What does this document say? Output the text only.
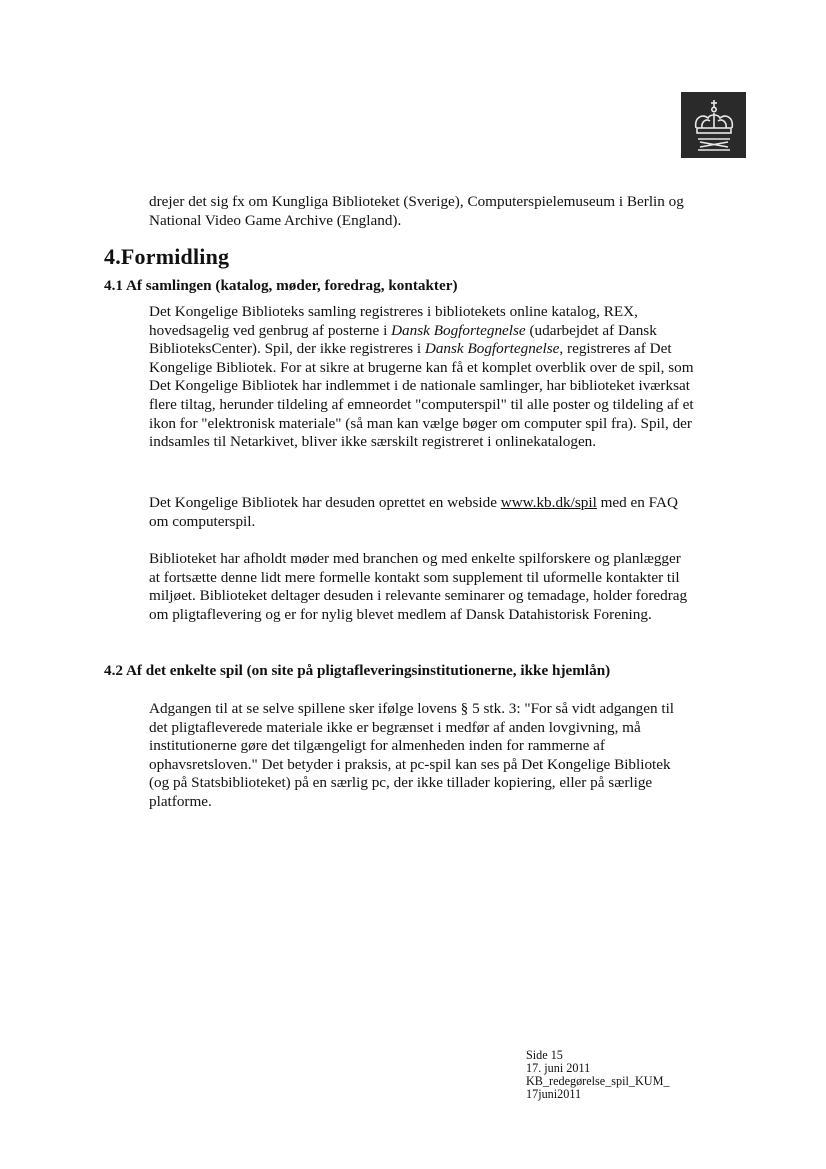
drejer det sig fx om Kungliga Biblioteket (Sverige), Computerspielemuseum i Berlin og National Video Game Archive (England).

4.Formidling
4.1 Af samlingen (katalog, møder, foredrag, kontakter)

Det Kongelige Biblioteks samling registreres i bibliotekets online katalog, REX, hovedsagelig ved genbrug af posterne i Dansk Bogfortegnelse (udarbejdet af Dansk BiblioteksCenter). Spil, der ikke registreres i Dansk Bogfortegnelse, registreres af Det Kongelige Bibliotek. For at sikre at brugerne kan få et komplet overblik over de spil, som Det Kongelige Bibliotek har indlemmet i de nationale samlinger, har biblioteket iværksat flere tiltag, herunder tildeling af emneordet "computerspil" til alle poster og tildeling af et ikon for "elektronisk materiale" (så man kan vælge bøger om computer spil fra). Spil, der indsamles til Netarkivet, bliver ikke særskilt registreret i onlinekatalogen.

Det Kongelige Bibliotek har desuden oprettet en webside www.kb.dk/spil med en FAQ om computerspil.

Biblioteket har afholdt møder med branchen og med enkelte spilforskere og planlægger at fortsætte denne lidt mere formelle kontakt som supplement til uformelle kontakter til miljøet. Biblioteket deltager desuden i relevante seminarer og temadage, holder foredrag om pligtaflevering og er for nylig blevet medlem af Dansk Datahistorisk Forening.

4.2 Af det enkelte spil (on site på pligtafleveringsinstitutionerne, ikke hjemlån)

Adgangen til at se selve spillene sker ifølge lovens § 5 stk. 3: "For så vidt adgangen til det pligtafleverede materiale ikke er begrænset i medfør af anden lovgivning, må institutionerne gøre det tilgængeligt for almenheden inden for rammerne af ophavsretsloven." Det betyder i praksis, at pc-spil kan ses på Det Kongelige Bibliotek (og på Statsbiblioteket) på en særlig pc, der ikke tillader kopiering, eller på særlige platforme.

Side 15
17. juni 2011
KB_redegørelse_spil_KUM_
17juni2011
